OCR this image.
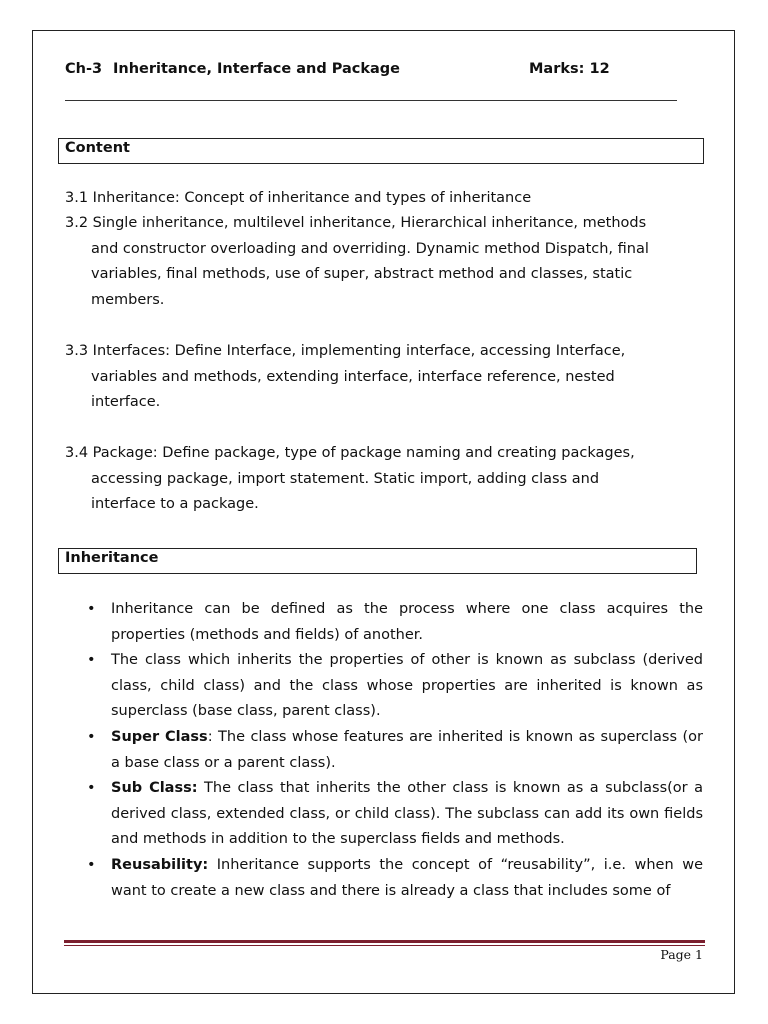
Ch-3 Inheritance, Interface and Package	Marks: 12
Content
3.1 Inheritance: Concept of inheritance and types of inheritance
3.2 Single inheritance, multilevel inheritance, Hierarchical inheritance, methods
and constructor overloading and overriding. Dynamic method Dispatch, final
variables, final methods, use of super, abstract method and classes, static
members.
3.3 Interfaces: Define Interface, implementing interface, accessing Interface,
variables and methods, extending interface, interface reference, nested
interface.
3.4 Package: Define package, type of package naming and creating packages,
accessing package, import statement. Static import, adding class and
interface to a package.
Inheritance
• Inheritance can be defined as the process where one class acquires the properties (methods and fields) of another.
• The class which inherits the properties of other is known as subclass (derived class, child class) and the class whose properties are inherited is known as superclass (base class, parent class).
• Super Class: The class whose features are inherited is known as superclass (or a base class or a parent class).
• Sub Class: The class that inherits the other class is known as a subclass(or a derived class, extended class, or child class). The subclass can add its own fields and methods in addition to the superclass fields and methods.
• Reusability: Inheritance supports the concept of “reusability”, i.e. when we want to create a new class and there is already a class that includes some of
Page 1
